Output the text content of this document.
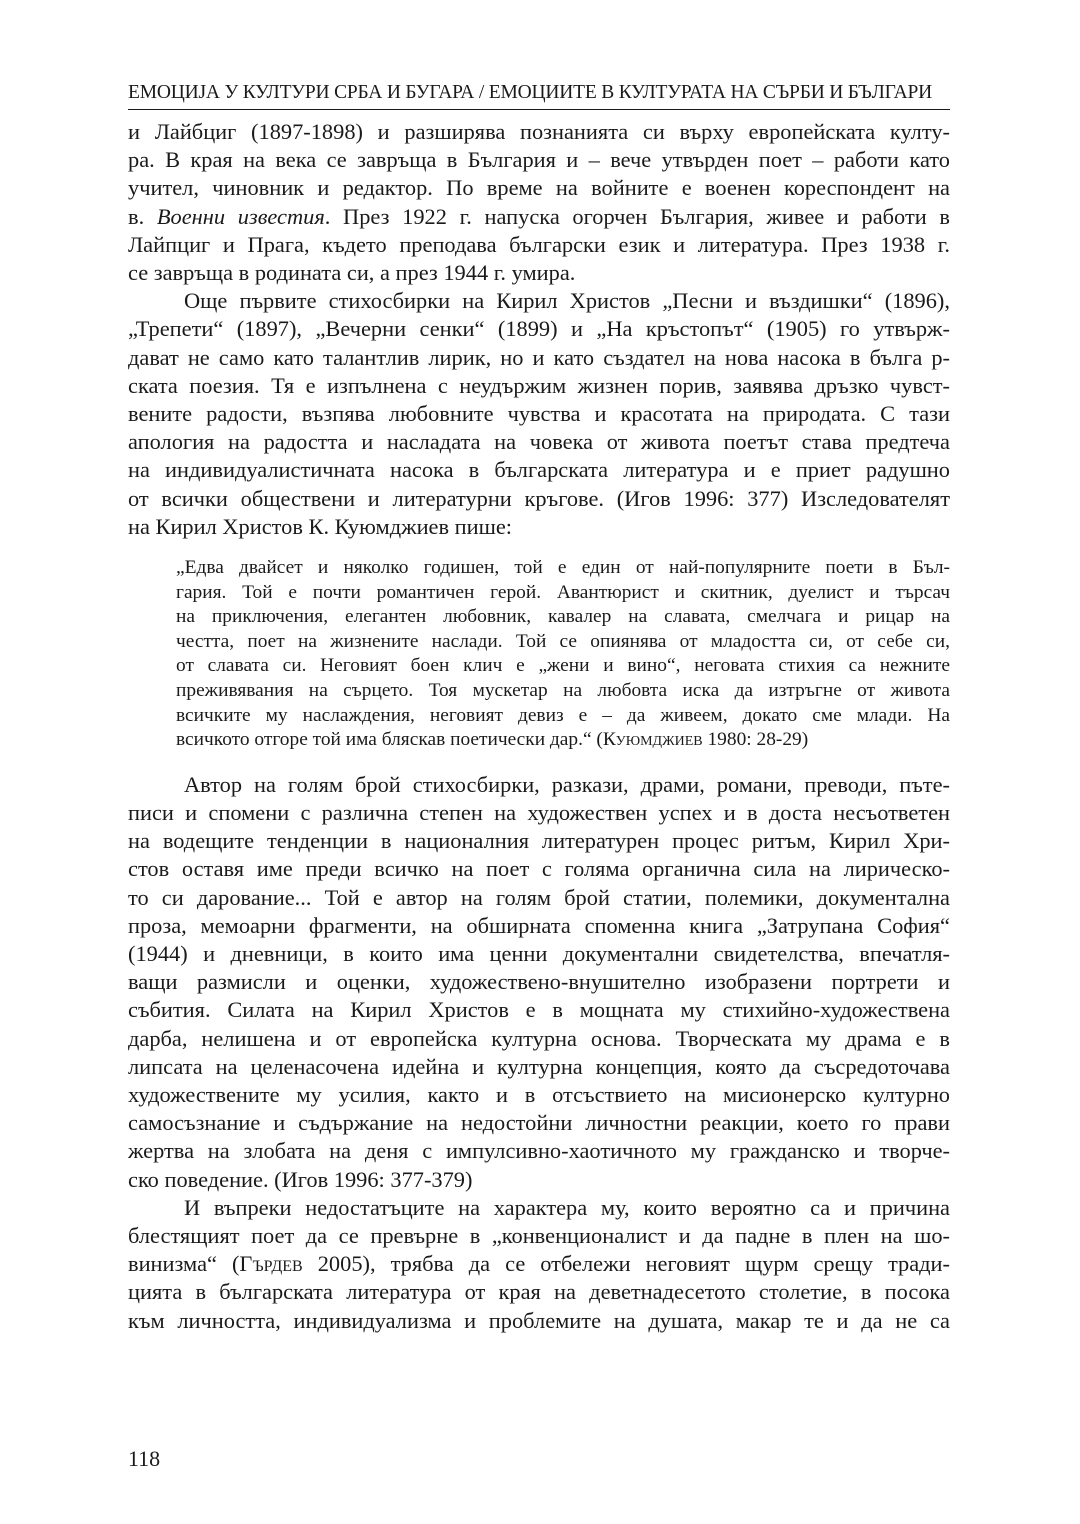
ЕМОЦИЈА У КУЛТУРИ СРБА И БУГАРА / ЕМОЦИИТЕ В КУЛТУРАТА НА СЪРБИ И БЪЛГАРИ

и Лайбциг (1897-1898) и разширява познанията си върху европейската култу-
ра. В края на века се завръща в България и – вече утвърден поет – работи като
учител, чиновник и редактор. По време на войните е военен кореспондент на
в. Военни известия. През 1922 г. напуска огорчен България, живее и работи в
Лайпциг и Прага, където преподава български език и литература. През 1938 г.
се завръща в родината си, а през 1944 г. умира.

Още първите стихосбирки на Кирил Христов „Песни и въздишки“ (1896),
„Трепети“ (1897), „Вечерни сенки“ (1899) и „На кръстопът“ (1905) го утвърж-
дават не само като талантлив лирик, но и като създател на нова насока в бълга р-
ската поезия. Тя е изпълнена с неудържим жизнен порив, заявява дръзко чувст-
вените радости, възпява любовните чувства и красотата на природата. С тази
апология на радостта и насладата на човека от живота поетът става предтеча
на индивидуалистичната насока в българската литература и е приет радушно
от всички обществени и литературни кръгове. (Игов 1996: 377) Изследователят
на Кирил Христов К. Куюмджиев пише:

„Едва двайсет и няколко годишен, той е един от най-популярните поети в Бъл-
гария. Той е почти романтичен герой. Авантюрист и скитник, дуелист и търсач
на приключения, елегантен любовник, кавалер на славата, смелчага и рицар на
честта, поет на жизнените наслади. Той се опиянява от младостта си, от себе си,
от славата си. Неговият боен клич е „жени и вино“, неговата стихия са нежните
преживявания на сърцето. Тоя мускетар на любовта иска да изтръгне от живота
всичките му наслаждения, неговият девиз е – да живеем, докато сме млади. На
всичкото отгоре той има бляскав поетически дар.“ (Куюмджиев 1980: 28-29)

Автор на голям брой стихосбирки, разкази, драми, романи, преводи, пъте-
писи и спомени с различна степен на художествен успех и в доста несъответен
на водещите тенденции в националния литературен процес ритъм, Кирил Хри-
стов оставя име преди всичко на поет с голяма органична сила на лирическо-
то си дарование... Той е автор на голям брой статии, полемики, документална
проза, мемоарни фрагменти, на обширната споменна книга „Затрупана София“
(1944) и дневници, в които има ценни документални свидетелства, впечатля-
ващи размисли и оценки, художествено-внушително изобразени портрети и
събития. Силата на Кирил Христов е в мощната му стихийно-художествена
дарба, нелишена и от европейска културна основа. Творческата му драма е в
липсата на целенасочена идейна и културна концепция, която да съсредоточава
художествените му усилия, както и в отсъствието на мисионерско културно
самосъзнание и съдържание на недостойни личностни реакции, което го прави
жертва на злобата на деня с импулсивно-хаотичното му гражданско и творче-
ско поведение. (Игов 1996: 377-379)

И въпреки недостатъците на характера му, които вероятно са и причина
блестящият поет да се превърне в „конвенционалист и да падне в плен на шо-
винизма“ (Гърдев 2005), трябва да се отбележи неговият щурм срещу тради-
цията в българската литература от края на деветнадесетото столетие, в посока
към личността, индивидуализма и проблемите на душата, макар те и да не са

118
